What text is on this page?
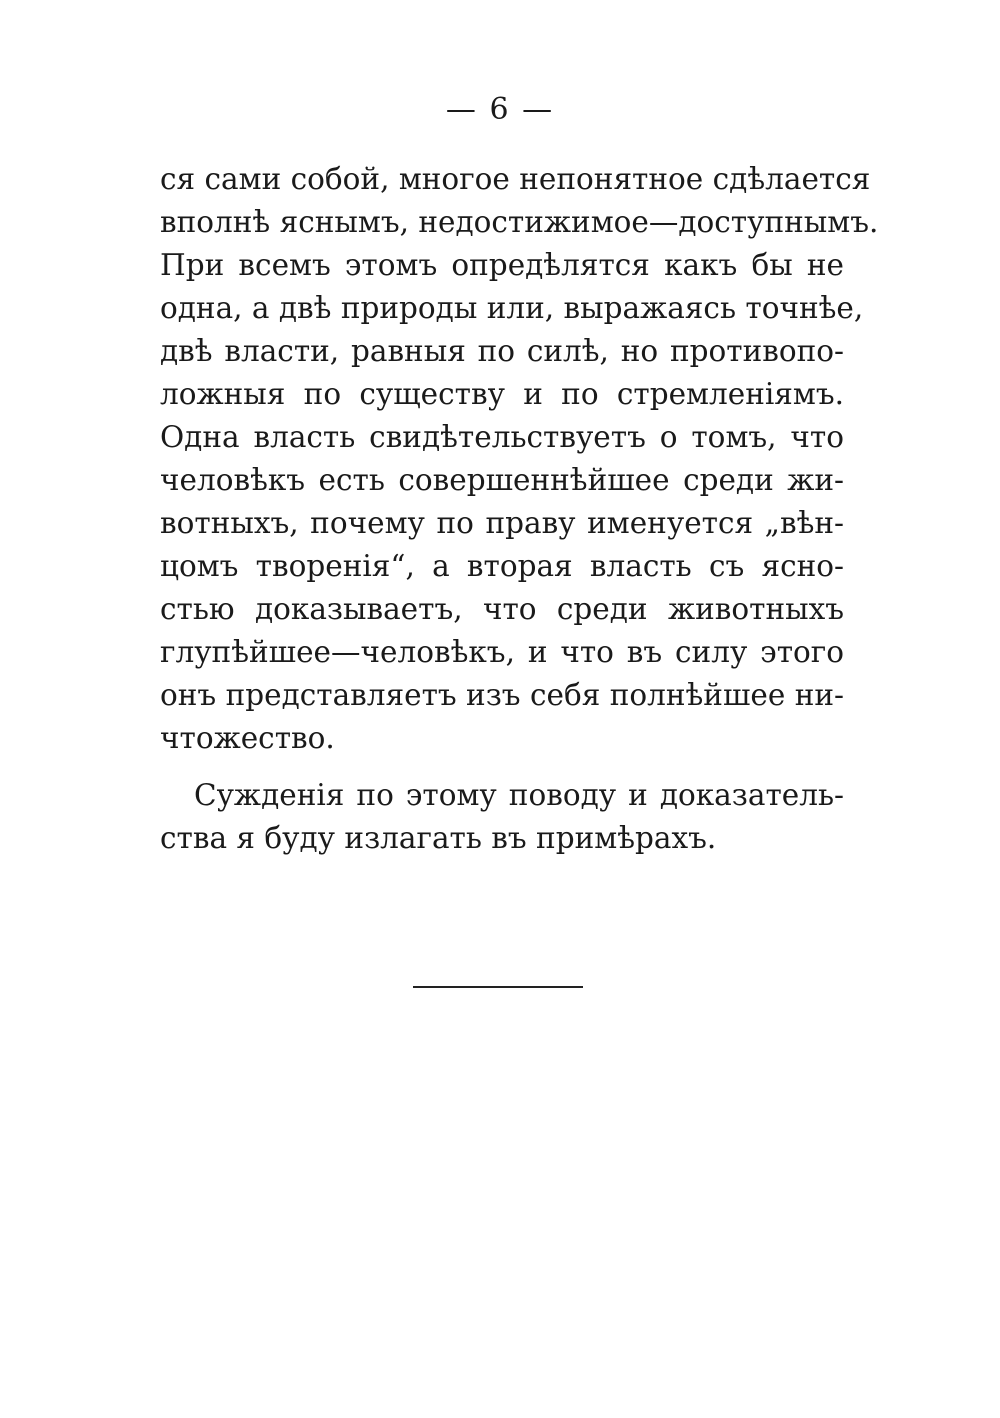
— 6 —
ся сами собой, многое непонятное сдѣлается
вполнѣ яснымъ, недостижимое—доступнымъ.
При всемъ этомъ опредѣлятся какъ бы не
одна, а двѣ природы или, выражаясь точнѣе,
двѣ власти, равныя по силѣ, но противопо-
ложныя по существу и по стремленіямъ.
Одна власть свидѣтельствуетъ о томъ, что
человѣкъ есть совершеннѣйшее среди жи-
вотныхъ, почему по праву именуется „вѣн-
цомъ творенія“, а вторая власть съ ясно-
стью доказываетъ, что среди животныхъ
глупѣйшее—человѣкъ, и что въ силу этого
онъ представляетъ изъ себя полнѣйшее ни-
чтожество.
Сужденія по этому поводу и доказатель-
ства я буду излагать въ примѣрахъ.
